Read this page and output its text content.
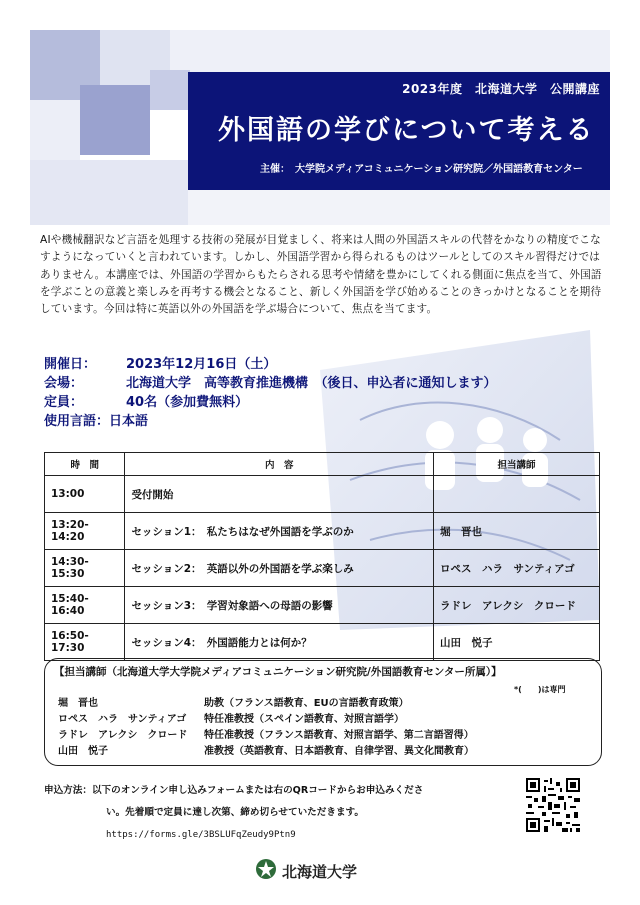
2023年度　北海道大学　公開講座
外国語の学びについて考える
主催：　大学院メディアコミュニケーション研究院／外国語教育センター
AIや機械翻訳など言語を処理する技術の発展が目覚ましく、将来は人間の外国語スキルの代替をかなりの精度でこなすようになっていくと言われています。しかし、外国語学習から得られるものはツールとしてのスキル習得だけではありません。本講座では、外国語の学習からもたらされる思考や情緒を豊かにしてくれる側面に焦点を当て、外国語を学ぶことの意義と楽しみを再考する機会となること、新しく外国語を学び始めることのきっかけとなることを期待しています。今回は特に英語以外の外国語を学ぶ場合について、焦点を当てます。
開催日：	2023年12月16日（土）
会場：	北海道大学　高等教育推進機構　（後日、申込者に通知します）
定員：	40名（参加費無料）
使用言語： 日本語
時　間	内　容	担当講師
13:00	受付開始	
13:20-14:20	セッション1：　私たちはなぜ外国語を学ぶのか	堀　晋也
14:30-15:30	セッション2：　英語以外の外国語を学ぶ楽しみ	ロペス　ハラ　サンティアゴ
15:40-16:40	セッション3：　学習対象語への母語の影響	ラドレ　アレクシ　クロード
16:50-17:30	セッション4：　外国語能力とは何か？	山田　悦子
【担当講師（北海道大学大学院メディアコミュニケーション研究院/外国語教育センター所属）】
*(　　)は専門
堀　晋也	助教（フランス語教育、EUの言語教育政策）
ロペス　ハラ　サンティアゴ	特任准教授（スペイン語教育、対照言語学）
ラドレ　アレクシ　クロード	特任准教授（フランス語教育、対照言語学、第二言語習得）
山田　悦子	准教授（英語教育、日本語教育、自律学習、異文化間教育）
申込方法：以下のオンライン申し込みフォームまたは右のQRコードからお申込みくださ
い。先着順で定員に達し次第、締め切らせていただきます。
https://forms.gle/3BSLUFqZeudy9Ptn9
北海道大学
